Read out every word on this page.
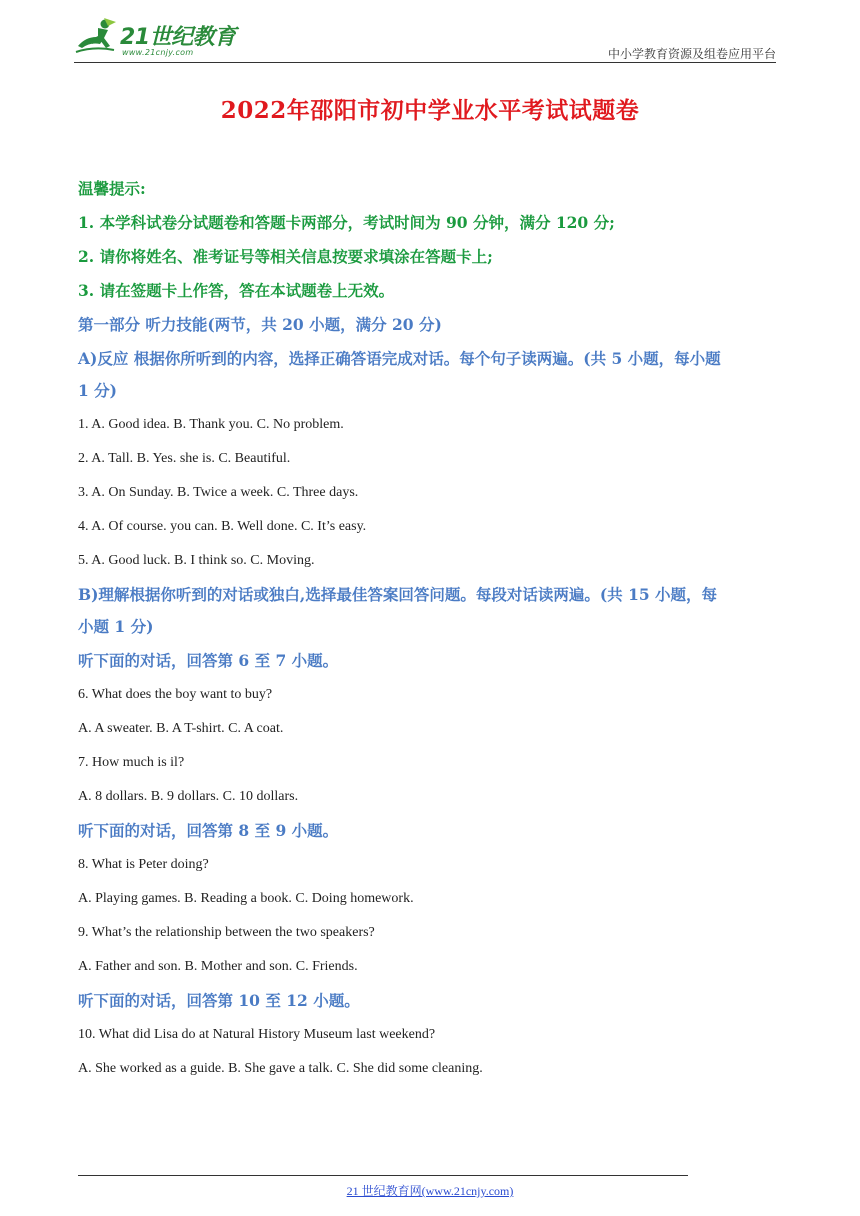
21世纪教育
www.21cnjy.com	中小学教育资源及组卷应用平台
2022年邵阳市初中学业水平考试试题卷
温馨提示:
1. 本学科试卷分试题卷和答题卡两部分，考试时间为 90 分钟，满分 120 分;
2. 请你将姓名、准考证号等相关信息按要求填涂在答题卡上;
3. 请在签题卡上作答，答在本试题卷上无效。
第一部分 听力技能(两节，共 20 小题，满分 20 分)
A)反应 根据你所听到的内容，选择正确答语完成对话。每个句子读两遍。(共 5 小题，每小题
1 分)
1. A. Good idea. B. Thank you. C. No problem.
2. A. Tall. B. Yes. she is. C. Beautiful.
3. A. On Sunday. B. Twice a week. C. Three days.
4. A. Of course. you can. B. Well done. C. It’s easy.
5. A. Good luck. B. I think so. C. Moving.
B)理解根据你听到的对话或独白,选择最佳答案回答问题。每段对话读两遍。(共 15 小题，每
小题 1 分)
听下面的对话，回答第 6 至 7 小题。
6. What does the boy want to buy?
A. A sweater. B. A T-shirt. C. A coat.
7. How much is il?
A. 8 dollars. B. 9 dollars. C. 10 dollars.
听下面的对话，回答第 8 至 9 小题。
8. What is Peter doing?
A. Playing games. B. Reading a book. C. Doing homework.
9. What’s the relationship between the two speakers?
A. Father and son. B. Mother and son. C. Friends.
听下面的对话，回答第 10 至 12 小题。
10. What did Lisa do at Natural History Museum last weekend?
A. She worked as a guide. B. She gave a talk. C. She did some cleaning.
21 世纪教育网(www.21cnjy.com)
